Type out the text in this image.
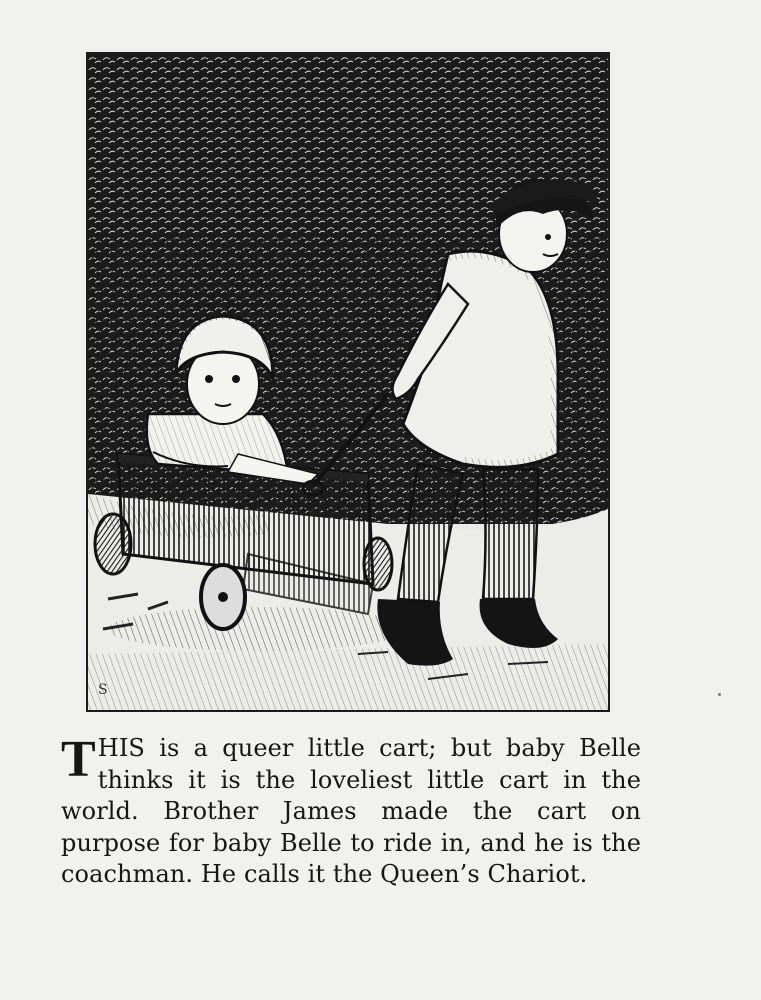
S

THIS is a queer little cart; but baby Belle thinks it is the loveliest little cart in the world. Brother James made the cart on purpose for baby Belle to ride in, and he is the coachman. He calls it the Queen’s Chariot.
